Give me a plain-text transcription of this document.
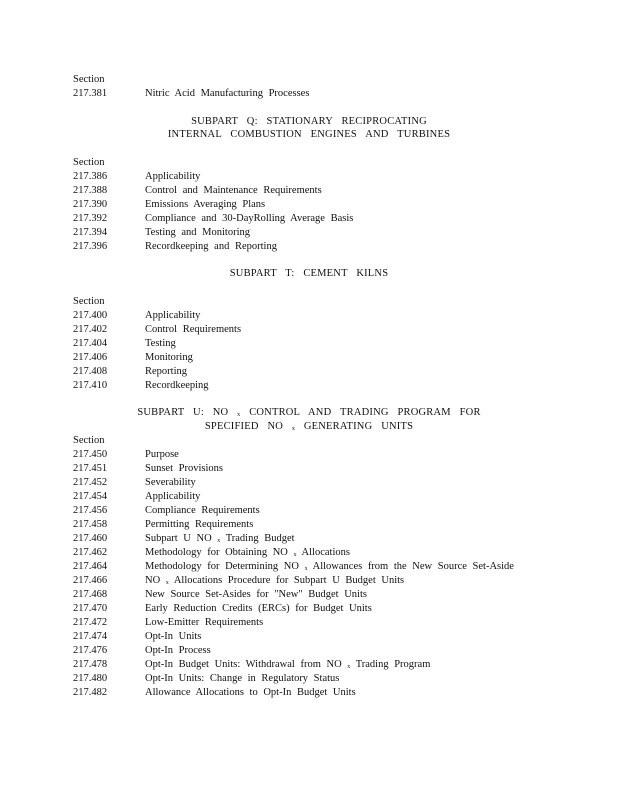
Section
217.381	Nitric Acid Manufacturing Processes
SUBPART Q: STATIONARY RECIPROCATING
INTERNAL COMBUSTION ENGINES AND TURBINES
Section
217.386	Applicability
217.388	Control and Maintenance Requirements
217.390	Emissions Averaging Plans
217.392	Compliance and 30-DayRolling Average Basis
217.394	Testing and Monitoring
217.396	Recordkeeping and Reporting
SUBPART T: CEMENT KILNS
Section
217.400	Applicability
217.402	Control Requirements
217.404	Testing
217.406	Monitoring
217.408	Reporting
217.410	Recordkeeping
SUBPART U: NO $_x$ CONTROL AND TRADING PROGRAM FOR
SPECIFIED NO $_x$ GENERATING UNITS
Section
217.450	Purpose
217.451	Sunset Provisions
217.452	Severability
217.454	Applicability
217.456	Compliance Requirements
217.458	Permitting Requirements
217.460	Subpart U NO $_x$ Trading Budget
217.462	Methodology for Obtaining NO $_x$ Allocations
217.464	Methodology for Determining NO $_x$ Allowances from the New Source Set-Aside
217.466	NO $_x$ Allocations Procedure for Subpart U Budget Units
217.468	New Source Set-Asides for "New" Budget Units
217.470	Early Reduction Credits (ERCs) for Budget Units
217.472	Low-Emitter Requirements
217.474	Opt-In Units
217.476	Opt-In Process
217.478	Opt-In Budget Units: Withdrawal from NO $_x$ Trading Program
217.480	Opt-In Units: Change in Regulatory Status
217.482	Allowance Allocations to Opt-In Budget Units
